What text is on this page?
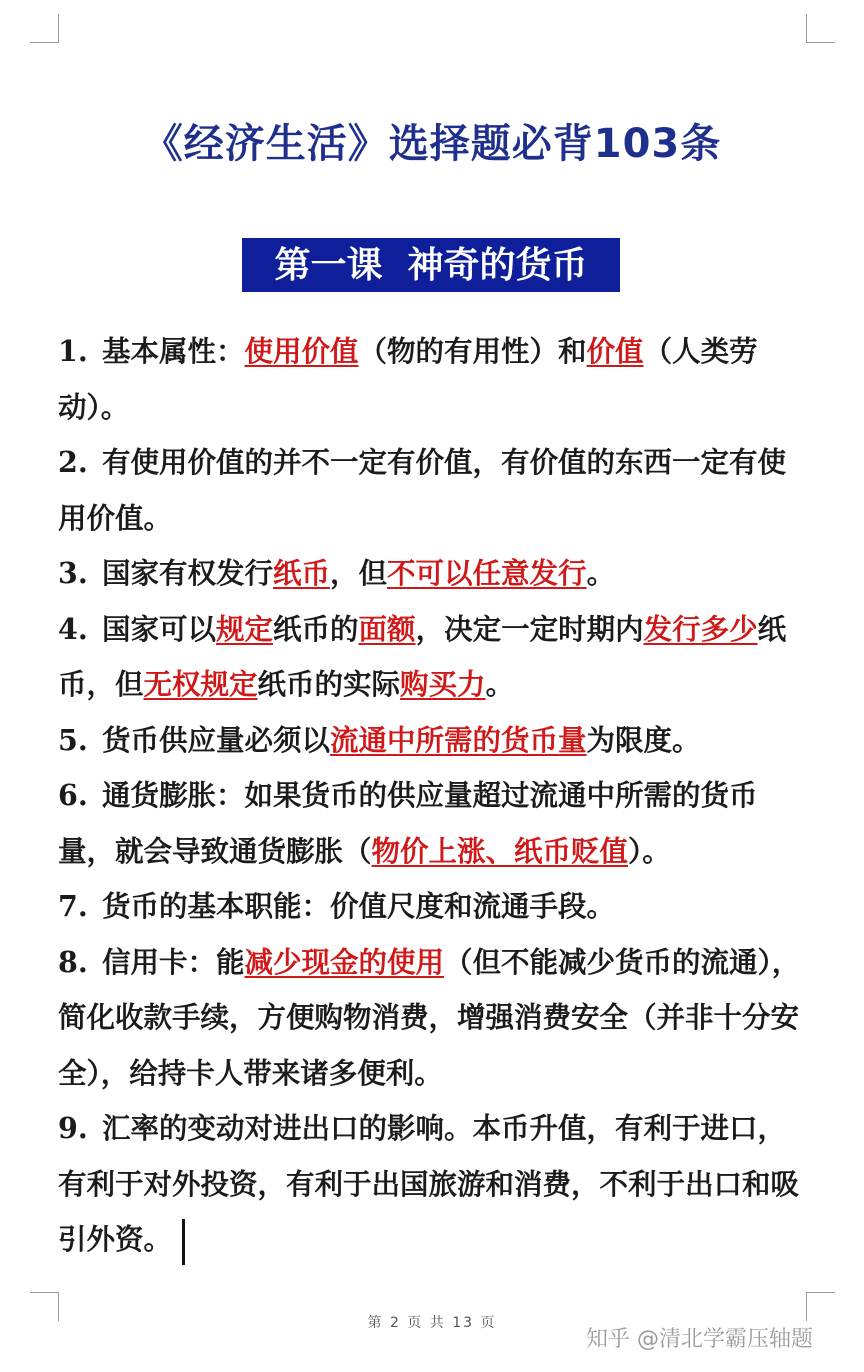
《经济生活》选择题必背103条
第一课  神奇的货币
1. 基本属性：使用价值（物的有用性）和价值（人类劳动）。
2. 有使用价值的并不一定有价值，有价值的东西一定有使用价值。
3. 国家有权发行纸币，但不可以任意发行。
4. 国家可以规定纸币的面额，决定一定时期内发行多少纸币，但无权规定纸币的实际购买力。
5. 货币供应量必须以流通中所需的货币量为限度。
6. 通货膨胀：如果货币的供应量超过流通中所需的货币量，就会导致通货膨胀（物价上涨、纸币贬值）。
7. 货币的基本职能：价值尺度和流通手段。
8. 信用卡：能减少现金的使用（但不能减少货币的流通），简化收款手续，方便购物消费，增强消费安全（并非十分安全），给持卡人带来诸多便利。
9. 汇率的变动对进出口的影响。本币升值，有利于进口，有利于对外投资，有利于出国旅游和消费，不利于出口和吸引外资。
第 2 页 共 13 页
知乎 @清北学霸压轴题
